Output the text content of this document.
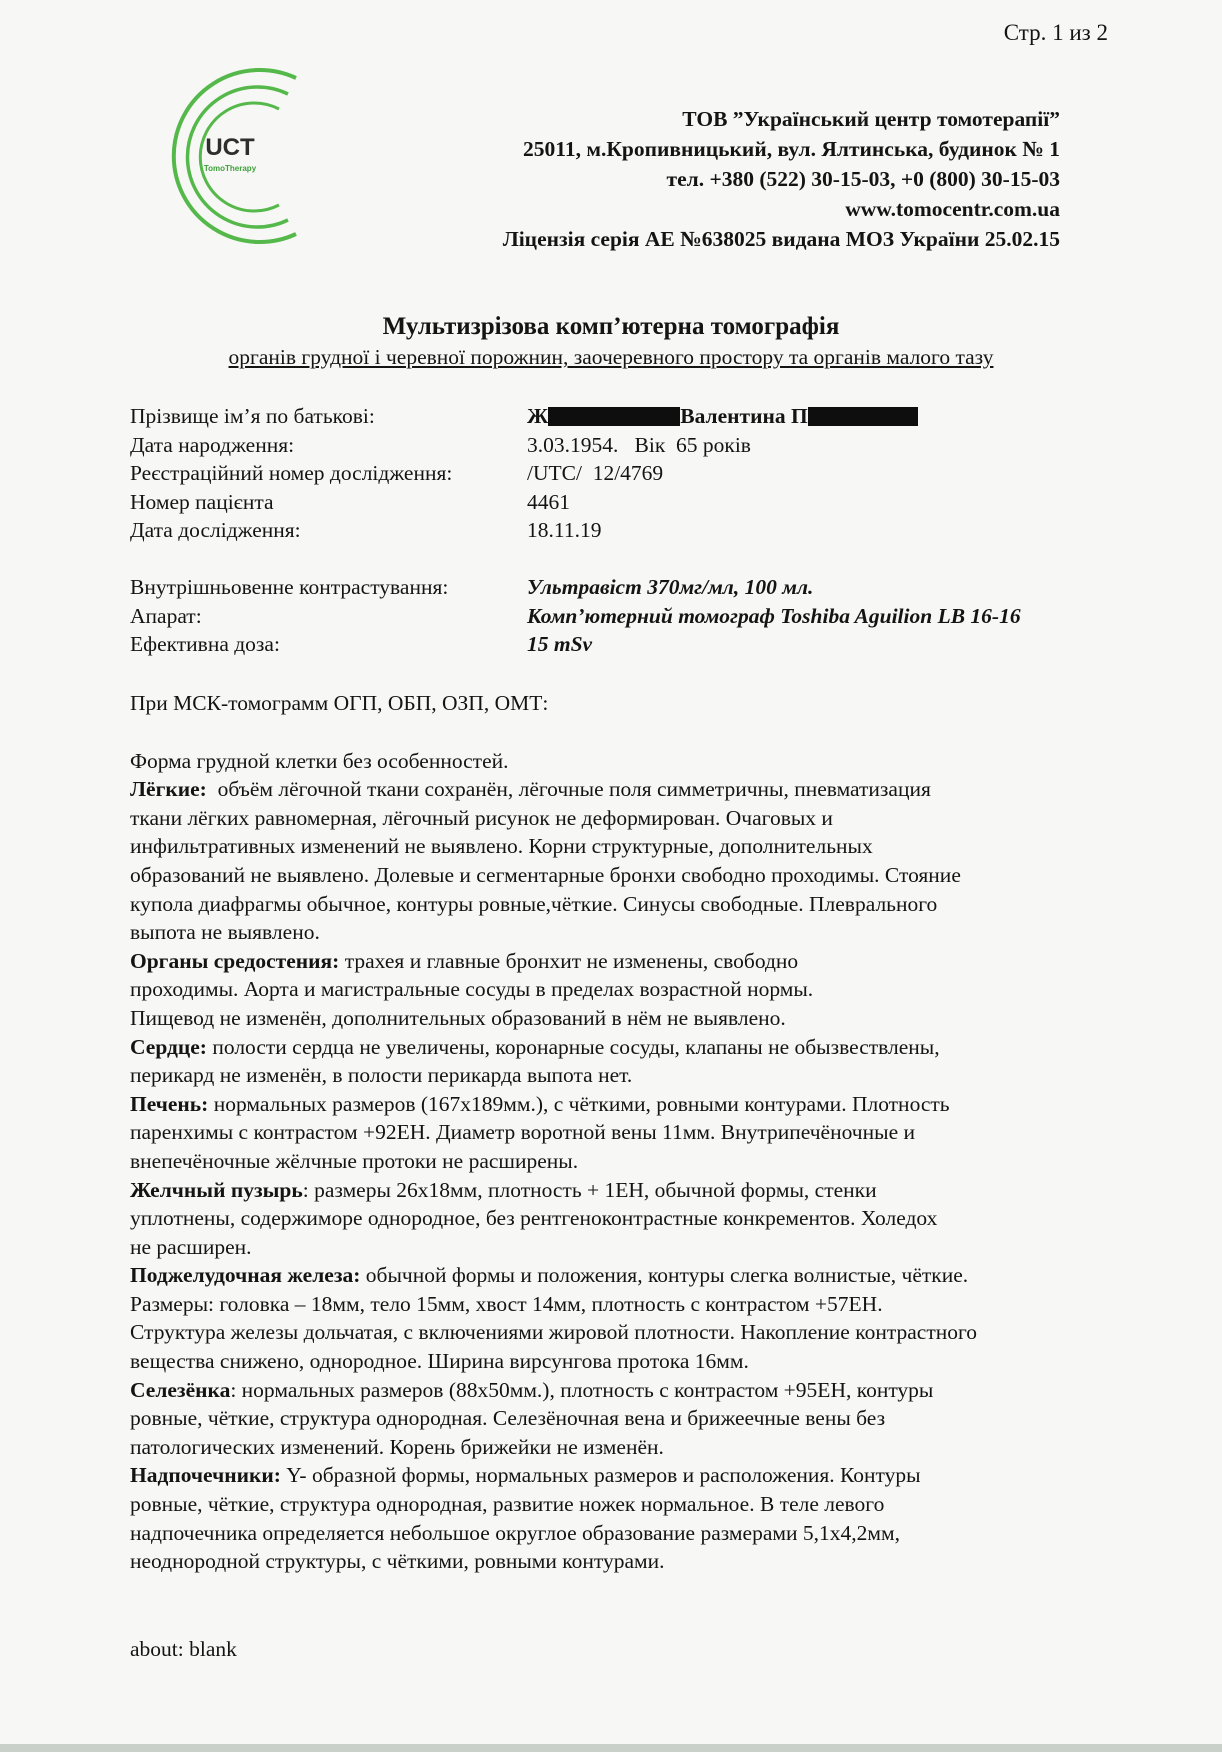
Стр. 1 из 2
UCT
TomoTherapy
ТОВ ”Український центр томотерапії”
25011, м.Кропивницький, вул. Ялтинська, будинок № 1
тел. +380 (522) 30-15-03, +0 (800) 30-15-03
www.tomocentr.com.ua
Ліцензія серія АЕ №638025 видана МОЗ України 25.02.15
Мультизрізова комп’ютерна томографія
органів грудної і черевної порожнин, заочеревного простору та органів малого тазу
Прізвище ім’я по батькові:	Ж	Валентина П
Дата народження:	3.03.1954.   Вік  65 років
Реєстраційний номер дослідження:	/UTC/  12/4769
Номер пацієнта	4461
Дата дослідження:	18.11.19
Внутрішньовенне контрастування:	Ультравіст 370мг/мл, 100 мл.
Апарат:	Комп’ютерний томограф Toshiba Aguilion LB 16-16
Ефективна доза:	15 mSv

При МСК-томограмм ОГП, ОБП, ОЗП, ОМТ:

Форма грудной клетки без особенностей.

Лёгкие:  объём лёгочной ткани сохранён, лёгочные поля симметричны, пневматизация

ткани лёгких равномерная, лёгочный рисунок не деформирован. Очаговых и

инфильтративных изменений не выявлено. Корни структурные, дополнительных

образований не выявлено. Долевые и сегментарные бронхи свободно проходимы. Стояние

купола диафрагмы обычное, контуры ровные,чёткие. Синусы свободные. Плеврального

выпота не выявлено.

Органы средостения: трахея и главные бронхит не изменены, свободно

проходимы. Аорта и магистральные сосуды в пределах возрастной нормы.

Пищевод не изменён, дополнительных образований в нём не выявлено.

Сердце: полости сердца не увеличены, коронарные сосуды, клапаны не обызвествлены,

перикард не изменён, в полости перикарда выпота нет.

Печень: нормальных размеров (167х189мм.), с чёткими, ровными контурами. Плотность

паренхимы с контрастом +92ЕН. Диаметр воротной вены 11мм. Внутрипечёночные и

внепечёночные жёлчные протоки не расширены.

Желчный пузырь: размеры 26х18мм, плотность + 1ЕН, обычной формы, стенки

уплотнены, содержиморе однородное, без рентгеноконтрастные конкрементов. Холедох

не расширен.

Поджелудочная железа: обычной формы и положения, контуры слегка волнистые, чёткие.

Размеры: головка – 18мм, тело 15мм, хвост 14мм, плотность с контрастом +57ЕН.

Структура железы дольчатая, с включениями жировой плотности. Накопление контрастного

вещества снижено, однородное. Ширина вирсунгова протока 16мм.

Селезёнка: нормальных размеров (88х50мм.), плотность с контрастом +95ЕН, контуры

ровные, чёткие, структура однородная. Селезёночная вена и брижеечные вены без

патологических изменений. Корень брижейки не изменён.

Надпочечники: Y- образной формы, нормальных размеров и расположения. Контуры

ровные, чёткие, структура однородная, развитие ножек нормальное. В теле левого

надпочечника определяется небольшое округлое образование размерами 5,1х4,2мм,

неоднородной структуры, с чёткими, ровными контурами.

about: blank
